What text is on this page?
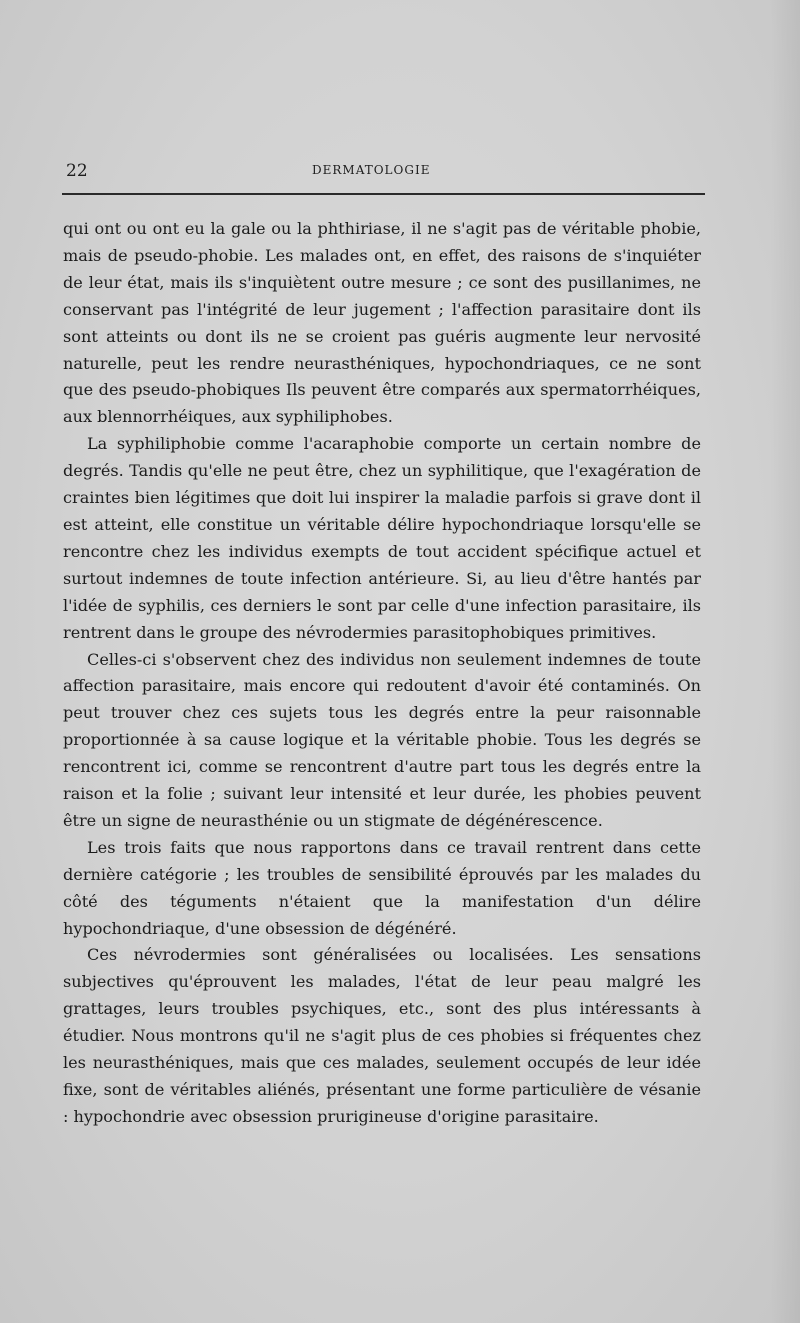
22	DERMATOLOGIE

qui ont ou ont eu la gale ou la phthiriase, il ne s'agit pas de véritable phobie, mais de pseudo-phobie. Les malades ont, en effet, des raisons de s'inquiéter de leur état, mais ils s'inquiètent outre mesure ; ce sont des pusillanimes, ne conservant pas l'intégrité de leur jugement ; l'affection parasitaire dont ils sont atteints ou dont ils ne se croient pas guéris augmente leur nervosité naturelle, peut les rendre neurasthéniques, hypochondriaques, ce ne sont que des pseudo-phobiques Ils peuvent être comparés aux spermatorrhéiques, aux blennorrhéiques, aux syphiliphobes.

La syphiliphobie comme l'acaraphobie comporte un certain nombre de degrés. Tandis qu'elle ne peut être, chez un syphilitique, que l'exagération de craintes bien légitimes que doit lui inspirer la maladie parfois si grave dont il est atteint, elle constitue un véritable délire hypochondriaque lorsqu'elle se rencontre chez les individus exempts de tout accident spécifique actuel et surtout indemnes de toute infection antérieure. Si, au lieu d'être hantés par l'idée de syphilis, ces derniers le sont par celle d'une infection parasitaire, ils rentrent dans le groupe des névrodermies parasitophobiques primitives.

Celles-ci s'observent chez des individus non seulement indemnes de toute affection parasitaire, mais encore qui redoutent d'avoir été contaminés. On peut trouver chez ces sujets tous les degrés entre la peur raisonnable proportionnée à sa cause logique et la véritable phobie. Tous les degrés se rencontrent ici, comme se rencontrent d'autre part tous les degrés entre la raison et la folie ; suivant leur intensité et leur durée, les phobies peuvent être un signe de neurasthénie ou un stigmate de dégénérescence.

Les trois faits que nous rapportons dans ce travail rentrent dans cette dernière catégorie ; les troubles de sensibilité éprouvés par les malades du côté des téguments n'étaient que la manifestation d'un délire hypochondriaque, d'une obsession de dégénéré.

Ces névrodermies sont généralisées ou localisées. Les sensations subjectives qu'éprouvent les malades, l'état de leur peau malgré les grattages, leurs troubles psychiques, etc., sont des plus intéressants à étudier. Nous montrons qu'il ne s'agit plus de ces phobies si fréquentes chez les neurasthéniques, mais que ces malades, seulement occupés de leur idée fixe, sont de véritables aliénés, présentant une forme particulière de vésanie : hypochondrie avec obsession prurigineuse d'origine parasitaire.
